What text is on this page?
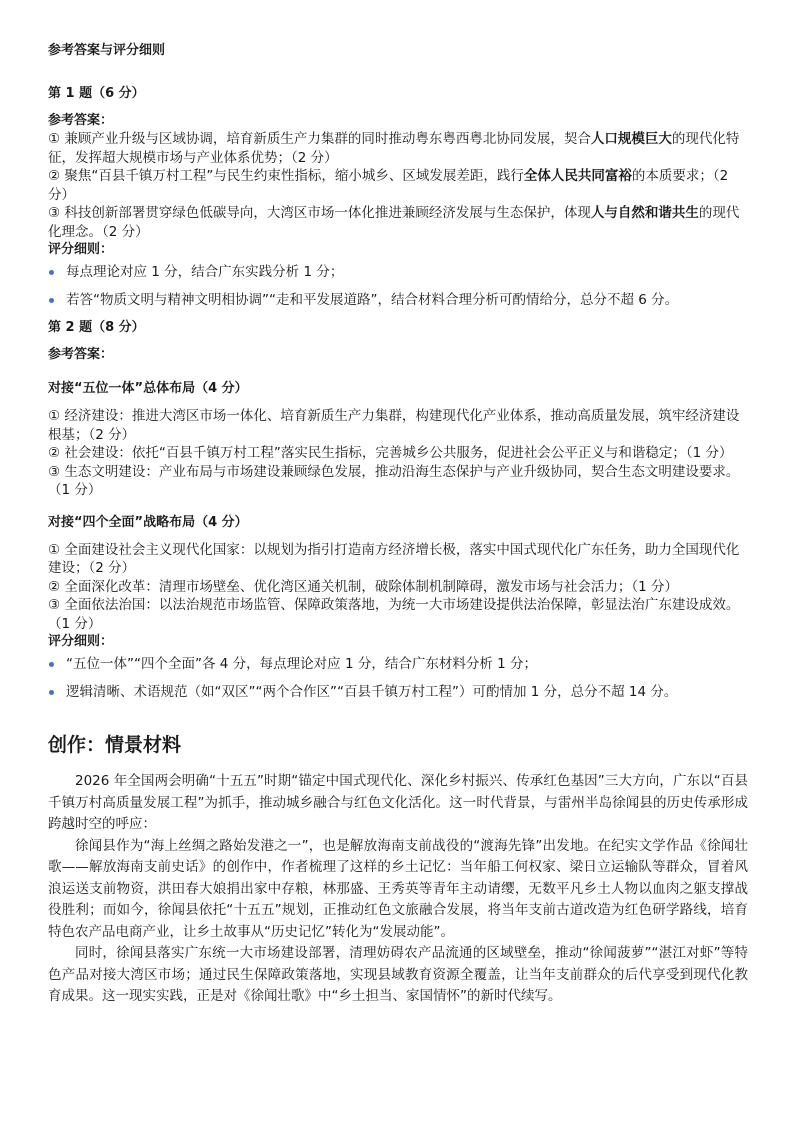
参考答案与评分细则

第 1 题（6 分）

参考答案：

① 兼顾产业升级与区域协调，培育新质生产力集群的同时推动粤东粤西粤北协同发展，契合人口规模巨大的现代化特征，发挥超大规模市场与产业体系优势；（2 分）

② 聚焦“百县千镇万村工程”与民生约束性指标，缩小城乡、区域发展差距，践行全体人民共同富裕的本质要求；（2 分）

③ 科技创新部署贯穿绿色低碳导向，大湾区市场一体化推进兼顾经济发展与生态保护，体现人与自然和谐共生的现代化理念。（2 分）

评分细则：

每点理论对应 1 分，结合广东实践分析 1 分；
若答“物质文明与精神文明相协调”“走和平发展道路”，结合材料合理分析可酌情给分，总分不超 6 分。

第 2 题（8 分）

参考答案：

对接“五位一体”总体布局（4 分）

① 经济建设：推进大湾区市场一体化、培育新质生产力集群，构建现代化产业体系，推动高质量发展，筑牢经济建设根基；（2 分）

② 社会建设：依托“百县千镇万村工程”落实民生指标，完善城乡公共服务，促进社会公平正义与和谐稳定；（1 分）

③ 生态文明建设：产业布局与市场建设兼顾绿色发展，推动沿海生态保护与产业升级协同，契合生态文明建设要求。（1 分）

对接“四个全面”战略布局（4 分）

① 全面建设社会主义现代化国家：以规划为指引打造南方经济增长极，落实中国式现代化广东任务，助力全国现代化建设；（2 分）

② 全面深化改革：清理市场壁垒、优化湾区通关机制，破除体制机制障碍，激发市场与社会活力；（1 分）

③ 全面依法治国：以法治规范市场监管、保障政策落地，为统一大市场建设提供法治保障，彰显法治广东建设成效。（1 分）

评分细则：

“五位一体”“四个全面”各 4 分，每点理论对应 1 分，结合广东材料分析 1 分；
逻辑清晰、术语规范（如“双区”“两个合作区”“百县千镇万村工程”）可酌情加 1 分，总分不超 14 分。

创作：情景材料

2026 年全国两会明确“十五五”时期“锚定中国式现代化、深化乡村振兴、传承红色基因”三大方向，广东以“百县千镇万村高质量发展工程”为抓手，推动城乡融合与红色文化活化。这一时代背景，与雷州半岛徐闻县的历史传承形成跨越时空的呼应：

徐闻县作为“海上丝绸之路始发港之一”，也是解放海南支前战役的“渡海先锋”出发地。在纪实文学作品《徐闻壮歌——解放海南支前史话》的创作中，作者梳理了这样的乡土记忆：当年船工何权家、梁日立运输队等群众，冒着风浪运送支前物资，洪田春大娘捐出家中存粮，林那盛、王秀英等青年主动请缨，无数平凡乡土人物以血肉之躯支撑战役胜利；而如今，徐闻县依托“十五五”规划，正推动红色文旅融合发展，将当年支前古道改造为红色研学路线，培育特色农产品电商产业，让乡土故事从“历史记忆”转化为“发展动能”。

同时，徐闻县落实广东统一大市场建设部署，清理妨碍农产品流通的区域壁垒，推动“徐闻菠萝”“湛江对虾”等特色产品对接大湾区市场；通过民生保障政策落地，实现县域教育资源全覆盖，让当年支前群众的后代享受到现代化教育成果。这一现实实践，正是对《徐闻壮歌》中“乡土担当、家国情怀”的新时代续写。
